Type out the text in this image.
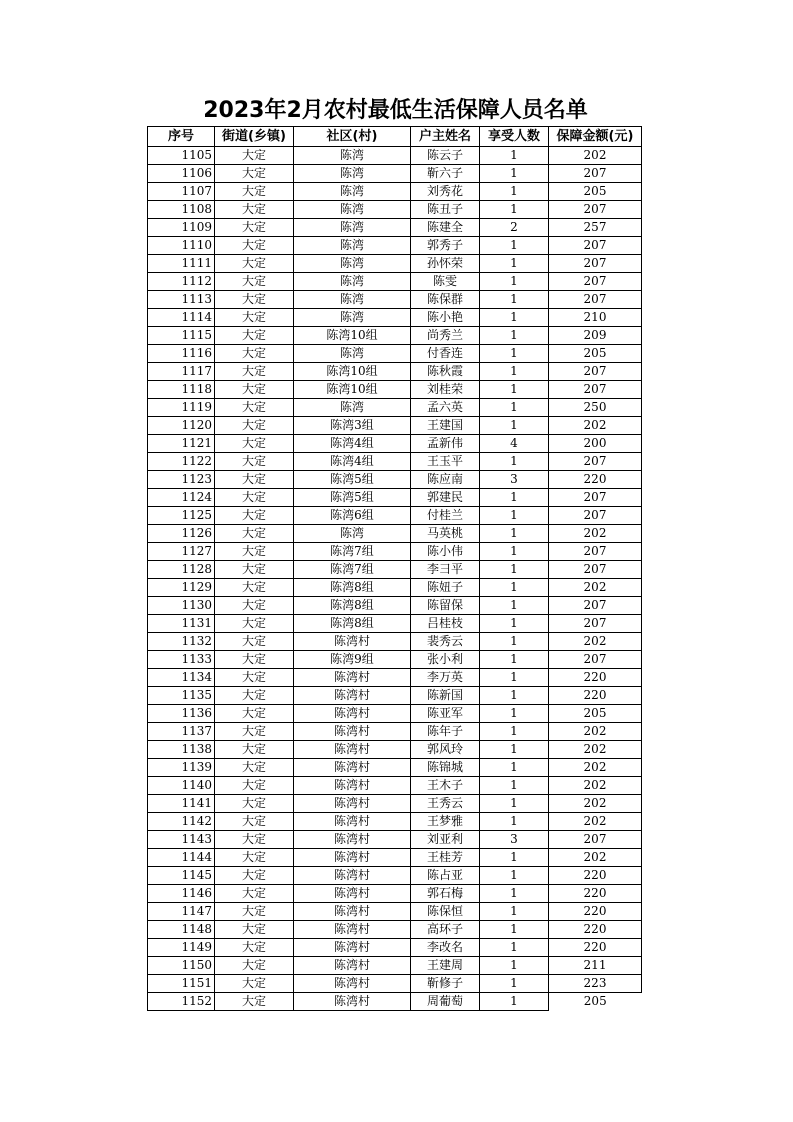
2023年2月农村最低生活保障人员名单
序号	街道(乡镇)	社区(村)	户主姓名	享受人数	保障金额(元)
1105	大定	陈湾	陈云子	1	202
1106	大定	陈湾	靳六子	1	207
1107	大定	陈湾	刘秀花	1	205
1108	大定	陈湾	陈丑子	1	207
1109	大定	陈湾	陈建全	2	257
1110	大定	陈湾	郭秀子	1	207
1111	大定	陈湾	孙怀荣	1	207
1112	大定	陈湾	陈雯	1	207
1113	大定	陈湾	陈保群	1	207
1114	大定	陈湾	陈小艳	1	210
1115	大定	陈湾10组	尚秀兰	1	209
1116	大定	陈湾	付香连	1	205
1117	大定	陈湾10组	陈秋霞	1	207
1118	大定	陈湾10组	刘桂荣	1	207
1119	大定	陈湾	孟六英	1	250
1120	大定	陈湾3组	王建国	1	202
1121	大定	陈湾4组	孟新伟	4	200
1122	大定	陈湾4组	王玉平	1	207
1123	大定	陈湾5组	陈应南	3	220
1124	大定	陈湾5组	郭建民	1	207
1125	大定	陈湾6组	付桂兰	1	207
1126	大定	陈湾	马英桃	1	202
1127	大定	陈湾7组	陈小伟	1	207
1128	大定	陈湾7组	李彐平	1	207
1129	大定	陈湾8组	陈妞子	1	202
1130	大定	陈湾8组	陈留保	1	207
1131	大定	陈湾8组	吕桂枝	1	207
1132	大定	陈湾村	裴秀云	1	202
1133	大定	陈湾9组	张小利	1	207
1134	大定	陈湾村	李万英	1	220
1135	大定	陈湾村	陈新国	1	220
1136	大定	陈湾村	陈亚军	1	205
1137	大定	陈湾村	陈年子	1	202
1138	大定	陈湾村	郭风玲	1	202
1139	大定	陈湾村	陈锦城	1	202
1140	大定	陈湾村	王木子	1	202
1141	大定	陈湾村	王秀云	1	202
1142	大定	陈湾村	王梦雅	1	202
1143	大定	陈湾村	刘亚利	3	207
1144	大定	陈湾村	王桂芳	1	202
1145	大定	陈湾村	陈占亚	1	220
1146	大定	陈湾村	郭石梅	1	220
1147	大定	陈湾村	陈保恒	1	220
1148	大定	陈湾村	高环子	1	220
1149	大定	陈湾村	李改名	1	220
1150	大定	陈湾村	王建周	1	211
1151	大定	陈湾村	靳修子	1	223
1152	大定	陈湾村	周葡萄	1	205
